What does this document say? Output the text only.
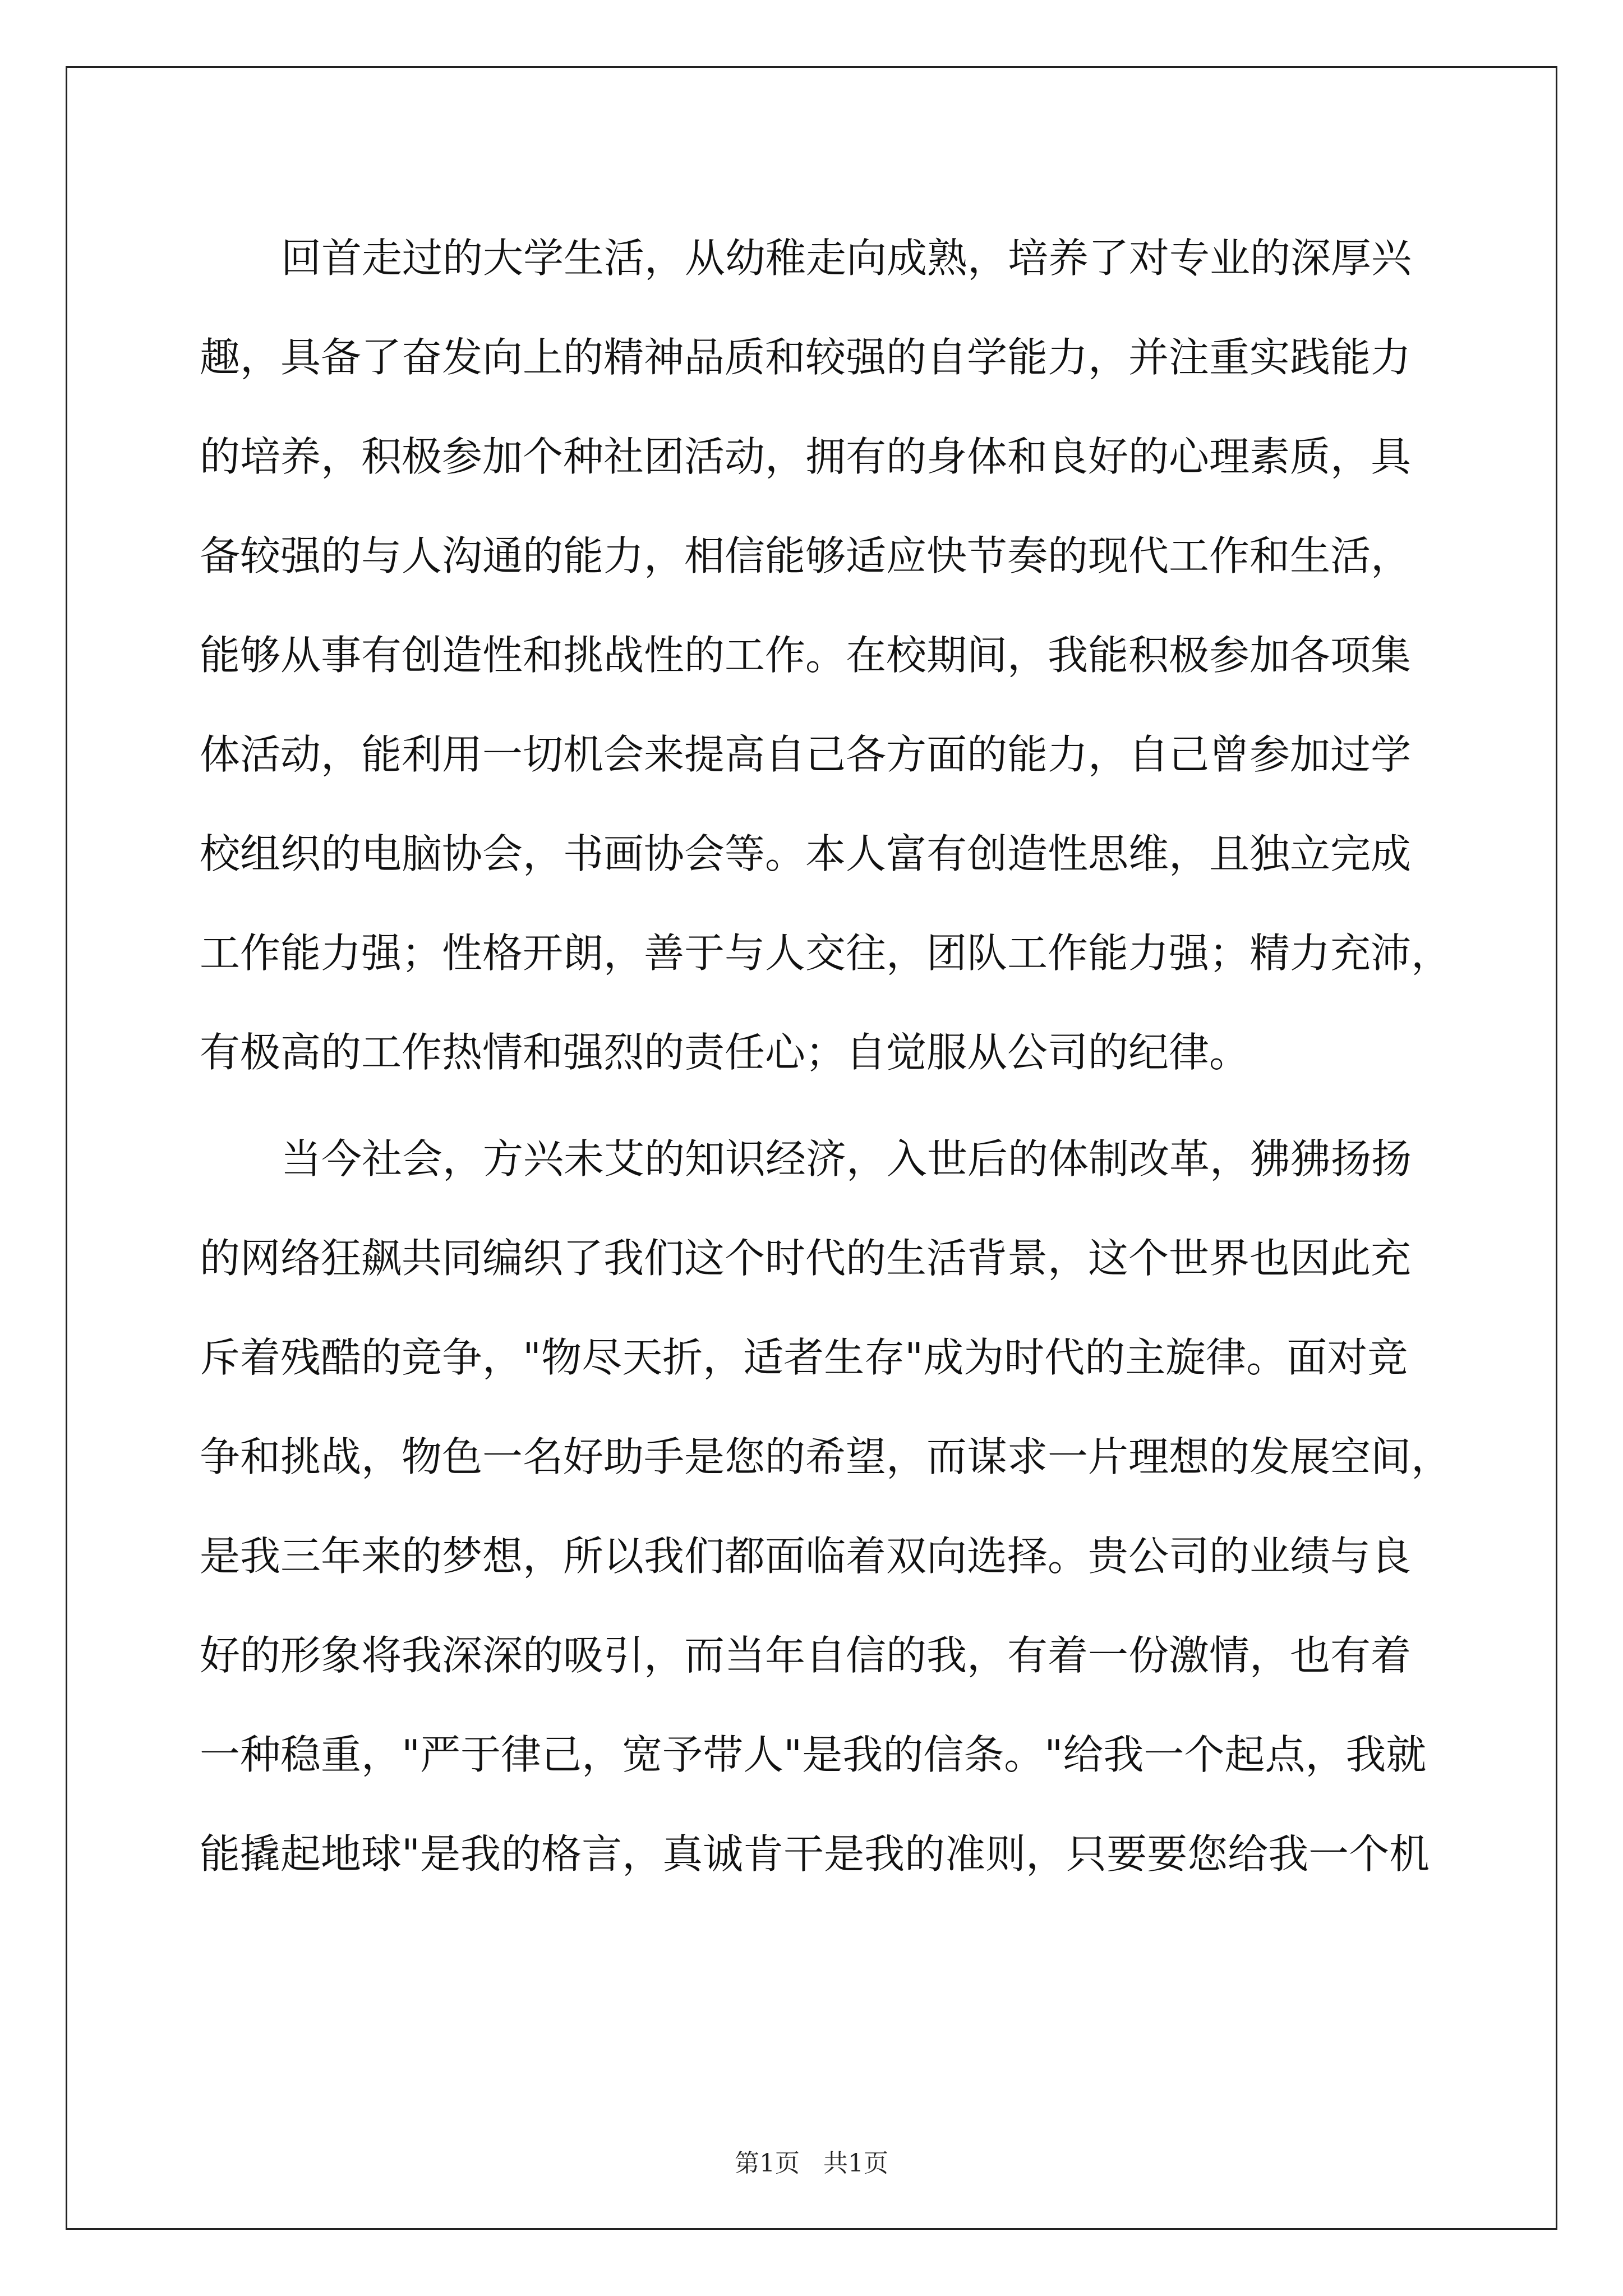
回首走过的大学生活，从幼稚走向成熟，培养了对专业的深厚兴
趣，具备了奋发向上的精神品质和较强的自学能力，并注重实践能力
的培养，积极参加个种社团活动，拥有的身体和良好的心理素质，具
备较强的与人沟通的能力，相信能够适应快节奏的现代工作和生活，
能够从事有创造性和挑战性的工作。在校期间，我能积极参加各项集
体活动，能利用一切机会来提高自己各方面的能力，自己曾参加过学
校组织的电脑协会，书画协会等。本人富有创造性思维，且独立完成
工作能力强；性格开朗，善于与人交往，团队工作能力强；精力充沛，
有极高的工作热情和强烈的责任心；自觉服从公司的纪律。
当今社会，方兴未艾的知识经济，入世后的体制改革，狒狒扬扬
的网络狂飙共同编织了我们这个时代的生活背景，这个世界也因此充
斥着残酷的竞争，"物尽天折，适者生存"成为时代的主旋律。面对竞
争和挑战，物色一名好助手是您的希望，而谋求一片理想的发展空间，
是我三年来的梦想，所以我们都面临着双向选择。贵公司的业绩与良
好的形象将我深深的吸引，而当年自信的我，有着一份激情，也有着
一种稳重，"严于律己，宽予带人"是我的信条。"给我一个起点，我就
能撬起地球"是我的格言，真诚肯干是我的准则，只要要您给我一个机
第1页 共1页
